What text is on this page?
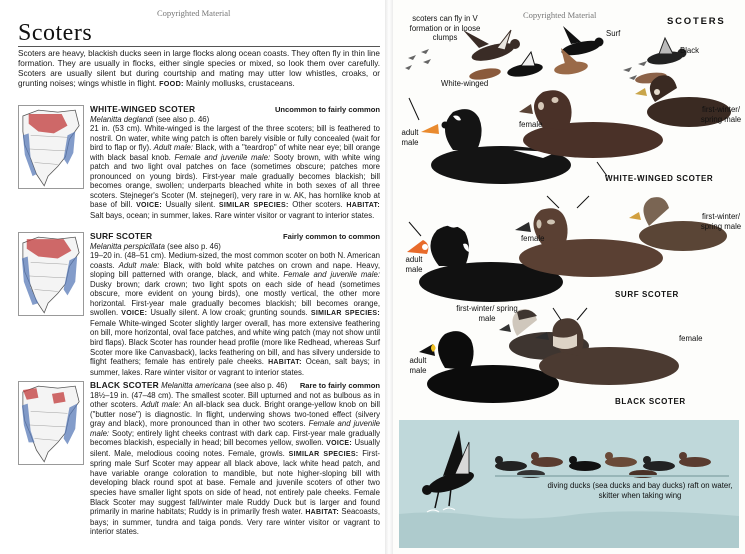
Copyrighted Material
Scoters

Scoters are heavy, blackish ducks seen in large flocks along ocean coasts. They often fly in thin line formation. They are usually in flocks, either single species or mixed, so look them over carefully. Scoters are usually silent but during courtship and mating may utter low whistles, croaks, or grunting noises; wings whistle in flight. FOOD: Mainly mollusks, crustaceans.

WHITE-WINGED SCOTER	Uncommon to fairly common
Melanitta deglandi (see also p. 46)
21 in. (53 cm). White-winged is the largest of the three scoters; bill is feathered to nostril. On water, white wing patch is often barely visible or fully concealed (wait for bird to flap or fly). Adult male: Black, with a "teardrop" of white near eye; bill orange with black basal knob. Female and juvenile male: Sooty brown, with white wing patch and two light oval patches on face (sometimes obscure; patches more pronounced on young birds). First-year male gradually becomes blackish; bill becomes orange, swollen; underparts bleached white in both sexes of all three scoters. Stejneger's Scoter (M. stejnegeri), very rare in w. AK, has hornlike knob at base of bill. VOICE: Usually silent. SIMILAR SPECIES: Other scoters. HABITAT: Salt bays, ocean; in summer, lakes. Rare winter visitor or vagrant to interior states.
SURF SCOTER	Fairly common to common
Melanitta perspicillata (see also p. 46)
19–20 in. (48–51 cm). Medium-sized, the most common scoter on both N. American coasts. Adult male: Black, with bold white patches on crown and nape. Heavy, sloping bill patterned with orange, black, and white. Female and juvenile male: Dusky brown; dark crown; two light spots on each side of head (sometimes obscure, more evident on young birds), one mostly vertical, the other more horizontal. First-year male gradually becomes blackish; bill becomes orange, swollen. VOICE: Usually silent. A low croak; grunting sounds. SIMILAR SPECIES: Female White-winged Scoter slightly larger overall, has more extensive feathering on bill, more horizontal, oval face patches, and white wing patch (may not show until bird flaps). Black Scoter has rounder head profile (more like Redhead, whereas Surf Scoter more like Canvasback), lacks feathering on bill, and has silvery underside to flight feathers; female has entirely pale cheeks. HABITAT: Ocean, salt bays; in summer, lakes. Rare winter visitor or vagrant to interior states.
BLACK SCOTER Melanitta americana (see also p. 46) Rare to fairly common
18½–19 in. (47–48 cm). The smallest scoter. Bill upturned and not as bulbous as in other scoters. Adult male: An all-black sea duck. Bright orange-yellow knob on bill ("butter nose") is diagnostic. In flight, underwing shows two-toned effect (silvery gray and black), more pronounced than in other two scoters. Female and juvenile male: Sooty; entirely light cheeks contrast with dark cap. First-year male gradually becomes blackish, especially in head; bill becomes yellow, swollen. VOICE: Usually silent. Male, melodious cooing notes. Female, growls. SIMILAR SPECIES: First-spring male Surf Scoter may appear all black above, lack white head patch, and have variable orange coloration to mandible, but note higher-sloping bill with developing black round spot at base. Female and juvenile scoters of other two species have smaller light spots on side of head, not entirely pale cheeks. Female Black Scoter may suggest fall/winter male Ruddy Duck but is larger and found primarily in marine habitats; Ruddy is in primarily fresh water. HABITAT: Seacoasts, bays; in summer, tundra and taiga ponds. Very rare winter visitor or vagrant to interior states.
Copyrighted Material
SCOTERS
scoters can fly in V formation or in loose clumps	Surf
Black
White-winged
adult male
female
first-winter/ spring male
WHITE-WINGED SCOTER
adult male
female
first-winter/ spring male
SURF SCOTER
first-winter/ spring male
adult male
female
BLACK SCOTER
diving ducks (sea ducks and bay ducks) raft on water, skitter when taking wing
